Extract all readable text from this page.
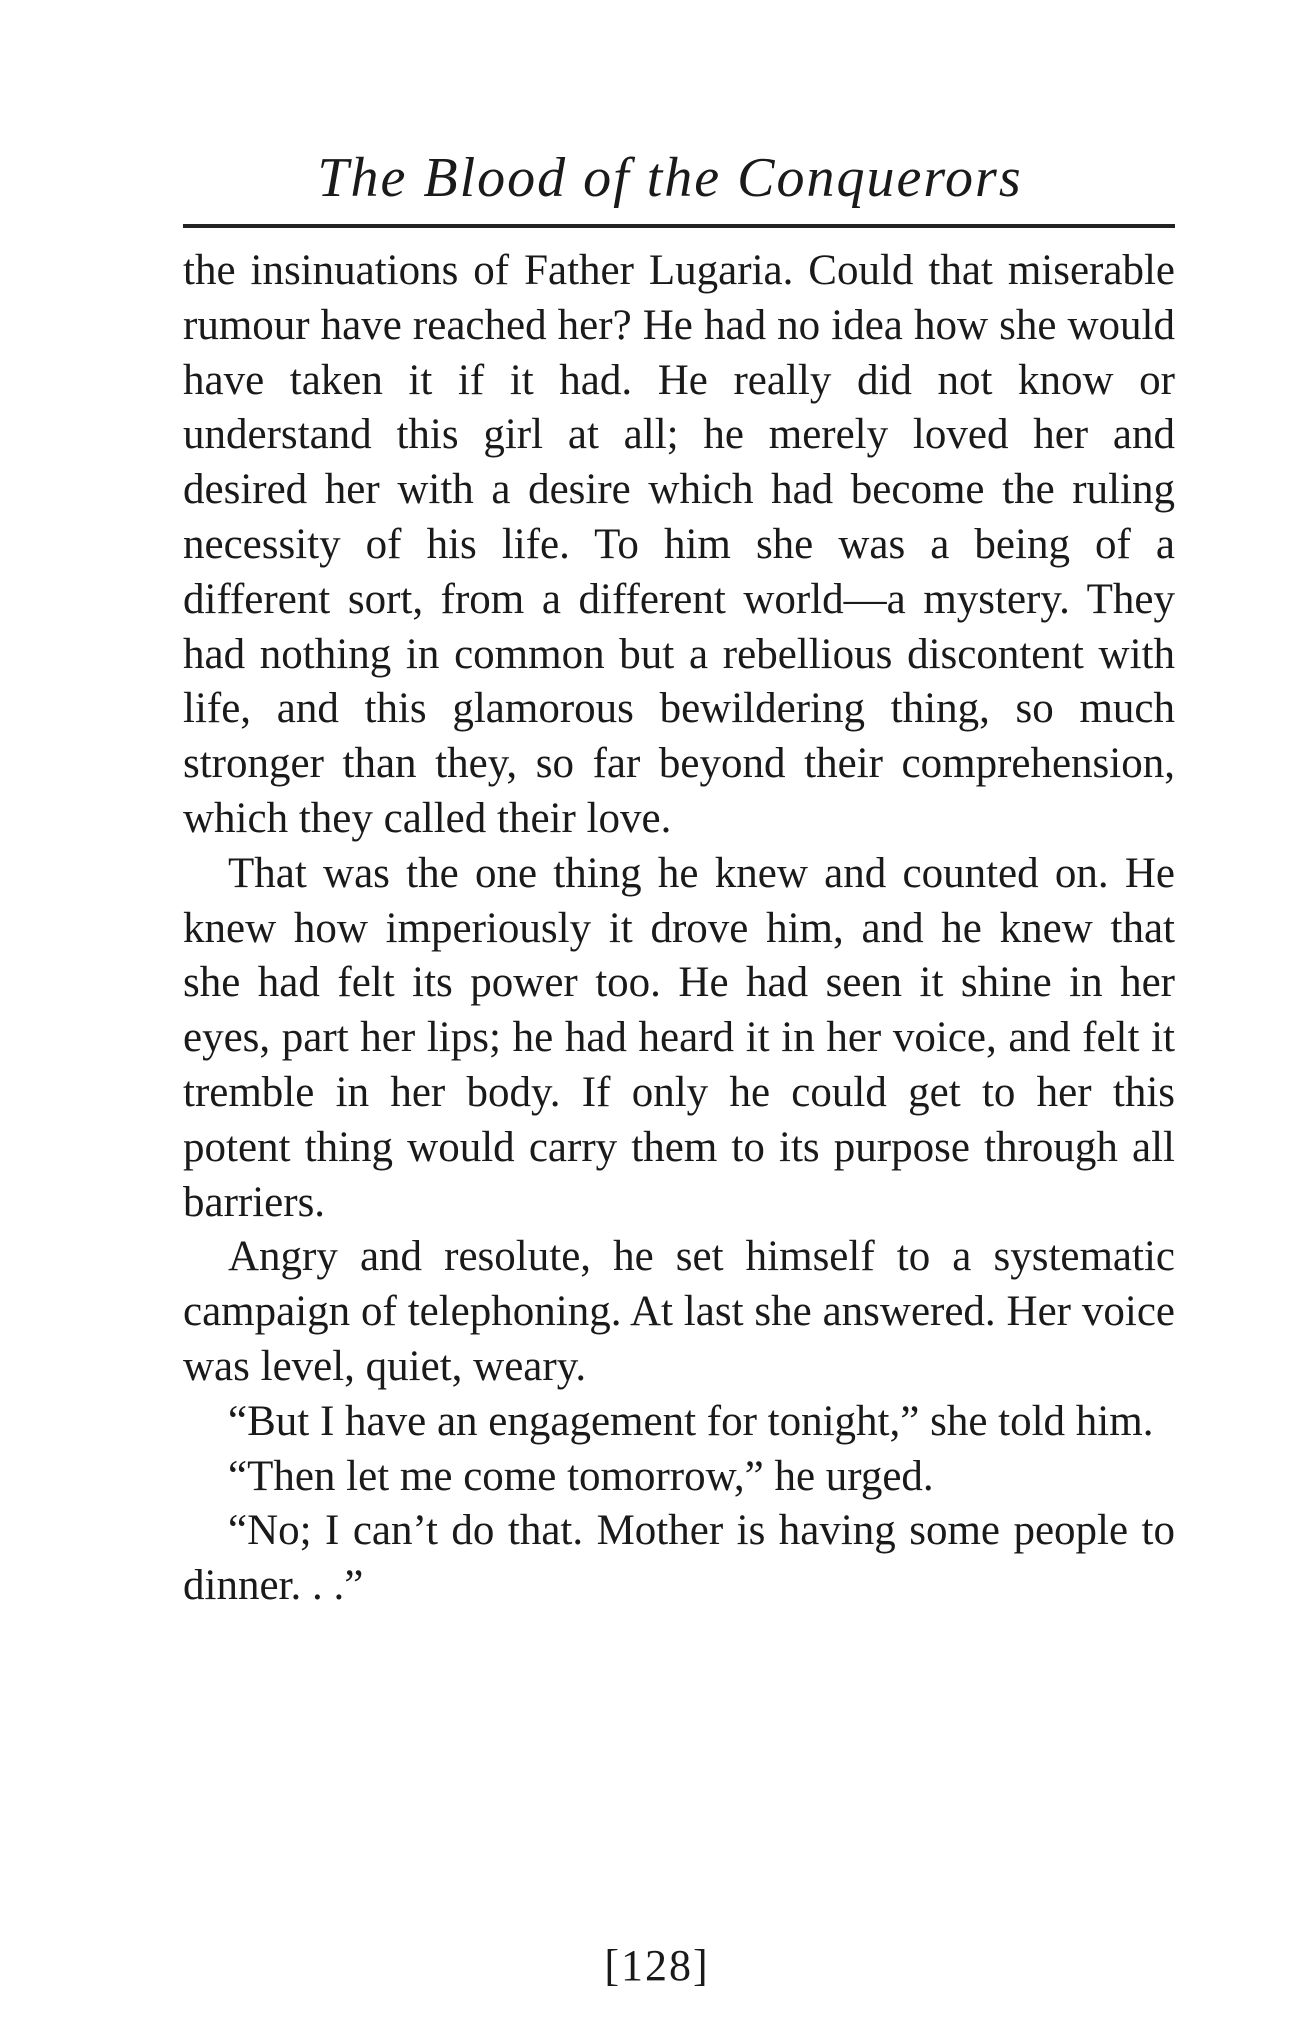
The Blood of the Conquerors

the insinuations of Father Lugaria. Could that miserable rumour have reached her? He had no idea how she would have taken it if it had. He really did not know or understand this girl at all; he merely loved her and desired her with a desire which had become the ruling necessity of his life. To him she was a being of a different sort, from a different world—a mystery. They had nothing in common but a rebellious discontent with life, and this glamorous bewildering thing, so much stronger than they, so far beyond their comprehension, which they called their love.

That was the one thing he knew and counted on. He knew how imperiously it drove him, and he knew that she had felt its power too. He had seen it shine in her eyes, part her lips; he had heard it in her voice, and felt it tremble in her body. If only he could get to her this potent thing would carry them to its purpose through all barriers.

Angry and resolute, he set himself to a systematic campaign of telephoning. At last she answered. Her voice was level, quiet, weary.

“But I have an engagement for tonight,” she told him.

“Then let me come tomorrow,” he urged.

“No; I can’t do that. Mother is having some people to dinner. . .”

[128]
